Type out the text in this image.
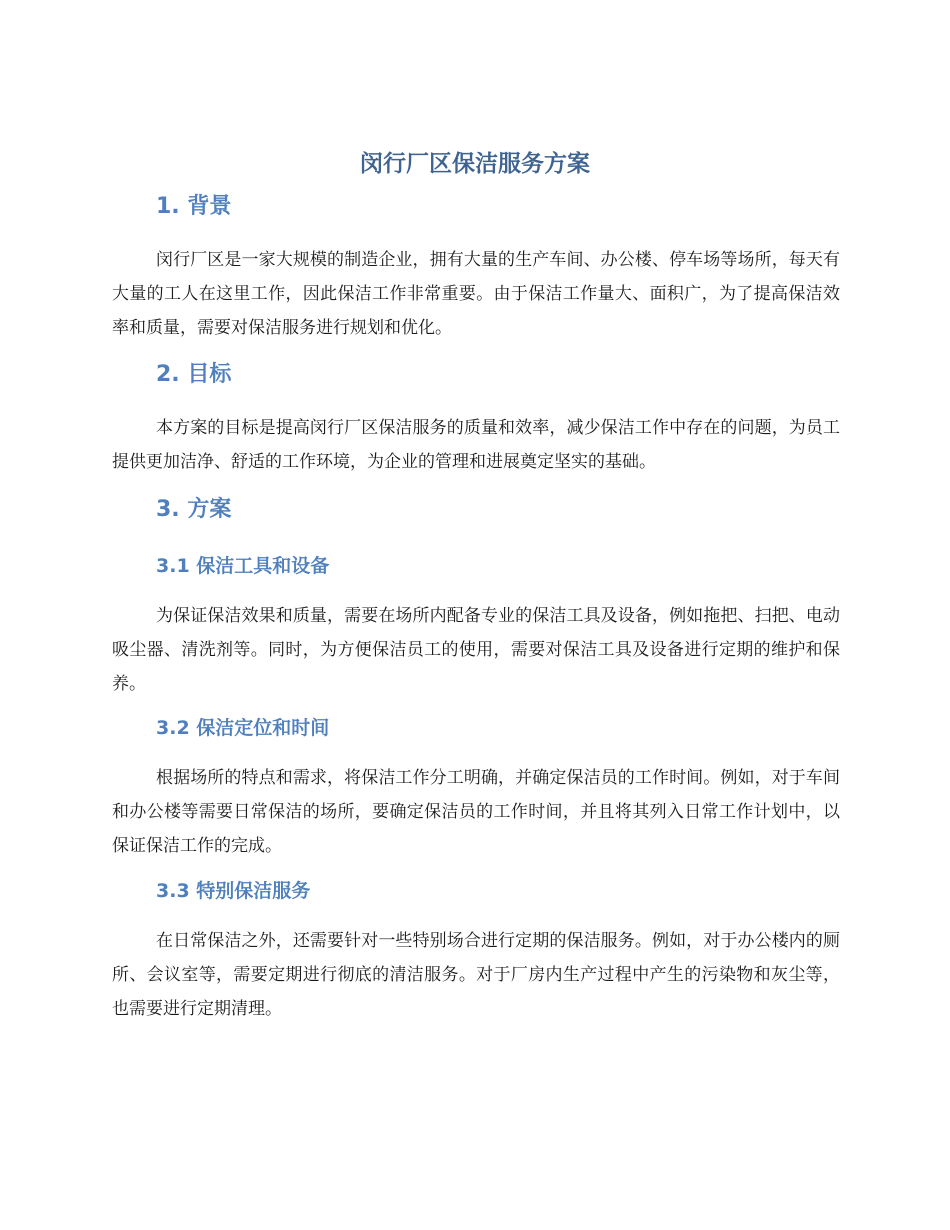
闵行厂区保洁服务方案
1. 背景

闵行厂区是一家大规模的制造企业，拥有大量的生产车间、办公楼、停车场等场所，每天有大量的工人在这里工作，因此保洁工作非常重要。由于保洁工作量大、面积广，为了提高保洁效率和质量，需要对保洁服务进行规划和优化。

2. 目标

本方案的目标是提高闵行厂区保洁服务的质量和效率，减少保洁工作中存在的问题，为员工提供更加洁净、舒适的工作环境，为企业的管理和进展奠定坚实的基础。

3. 方案
3.1 保洁工具和设备

为保证保洁效果和质量，需要在场所内配备专业的保洁工具及设备，例如拖把、扫把、电动吸尘器、清洗剂等。同时，为方便保洁员工的使用，需要对保洁工具及设备进行定期的维护和保养。

3.2 保洁定位和时间

根据场所的特点和需求，将保洁工作分工明确，并确定保洁员的工作时间。例如，对于车间和办公楼等需要日常保洁的场所，要确定保洁员的工作时间，并且将其列入日常工作计划中，以保证保洁工作的完成。

3.3 特别保洁服务

在日常保洁之外，还需要针对一些特别场合进行定期的保洁服务。例如，对于办公楼内的厕所、会议室等，需要定期进行彻底的清洁服务。对于厂房内生产过程中产生的污染物和灰尘等，也需要进行定期清理。
